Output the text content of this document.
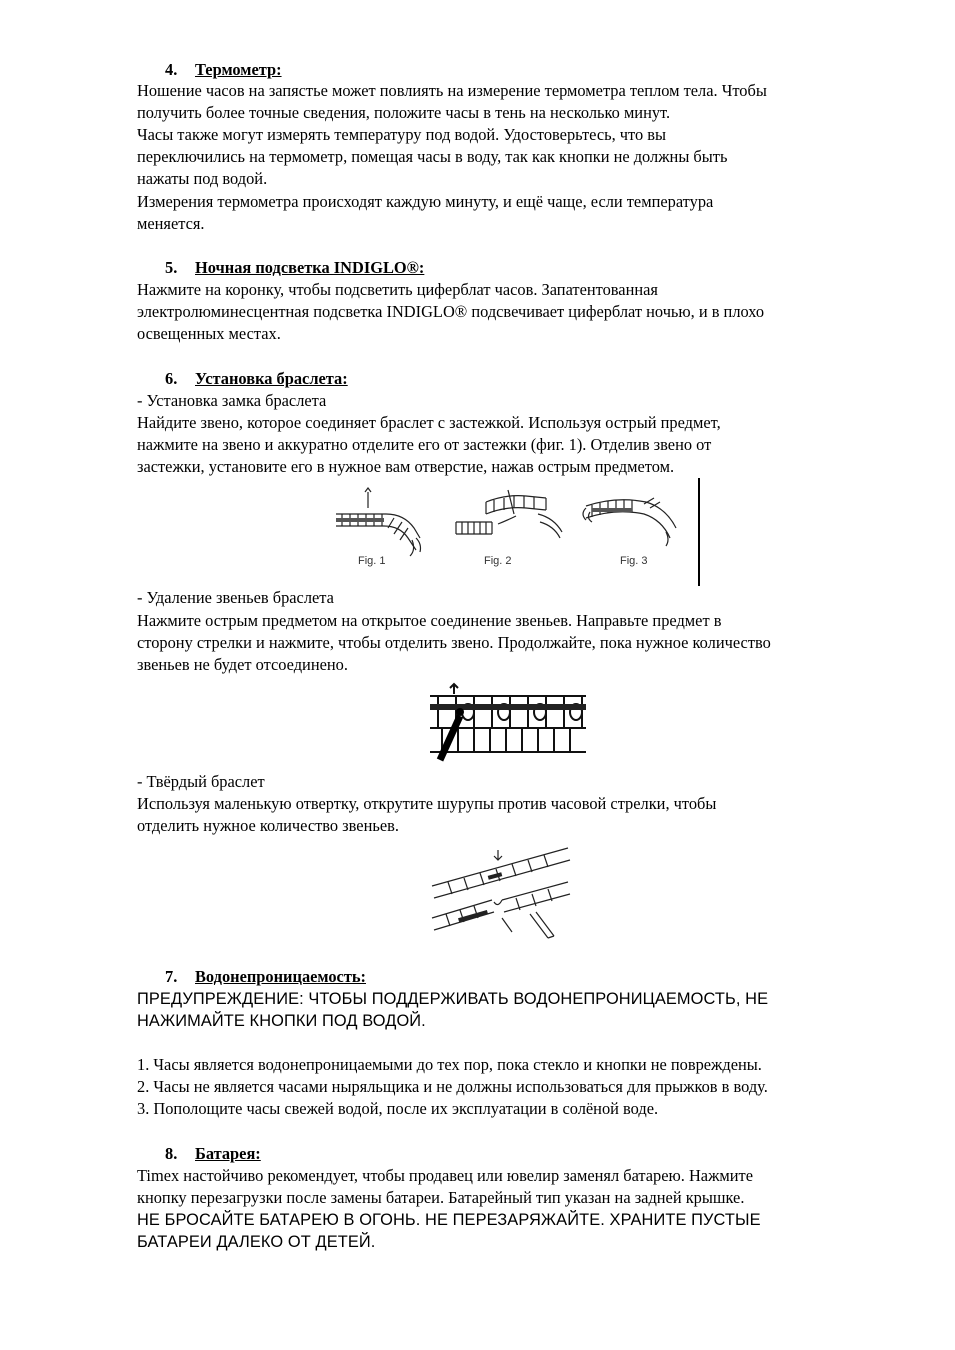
4. Термометр:
Ношение часов на запястье может повлиять на измерение термометра теплом тела. Чтобы
получить более точные сведения, положите часы в тень на несколько минут.
Часы также могут измерять температуру под водой. Удостоверьтесь, что вы
переключились на термометр, помещая часы в воду, так как кнопки не должны быть
нажаты под водой.
Измерения термометра происходят каждую минуту, и ещё чаще, если температура
меняется.
5. Ночная подсветка INDIGLO®:
Нажмите на коронку, чтобы подсветить циферблат часов. Запатентованная
электролюминесцентная подсветка INDIGLO® подсвечивает циферблат ночью, и в плохо
освещенных местах.
6. Установка браслета:
- Установка замка браслета
Найдите звено, которое соединяет браслет с застежкой. Используя острый предмет,
нажмите на звено и аккуратно отделите его от застежки (фиг. 1). Отделив звено от
застежки, установите его в нужное вам отверстие, нажав острым предметом.
Fig. 1	Fig. 2	Fig. 3
- Удаление звеньев браслета
Нажмите острым предметом на открытое соединение звеньев. Направьте предмет в
сторону стрелки и нажмите, чтобы отделить звено. Продолжайте, пока нужное количество
звеньев не будет отсоединено.
- Твёрдый браслет
Используя маленькую отвертку, открутите шурупы против часовой стрелки, чтобы
отделить нужное количество звеньев.
7. Водонепроницаемость:
ПРЕДУПРЕЖДЕНИЕ: ЧТОБЫ ПОДДЕРЖИВАТЬ ВОДОНЕПРОНИЦАЕМОСТЬ, НЕ
НАЖИМАЙТЕ КНОПКИ ПОД ВОДОЙ.
1. Часы является водонепроницаемыми до тех пор, пока стекло и кнопки не повреждены.
2. Часы не является часами ныряльщика и не должны использоваться для прыжков в воду.
3. Пополощите часы свежей водой, после их эксплуатации в солёной воде.
8. Батарея:
Timex настойчиво рекомендует, чтобы продавец или ювелир заменял батарею. Нажмите
кнопку перезагрузки после замены батареи. Батарейный тип указан на задней крышке.
НЕ БРОСАЙТЕ БАТАРЕЮ В ОГОНЬ. НЕ ПЕРЕЗАРЯЖАЙТЕ. ХРАНИТЕ ПУСТЫЕ
БАТАРЕИ ДАЛЕКО ОТ ДЕТЕЙ.
